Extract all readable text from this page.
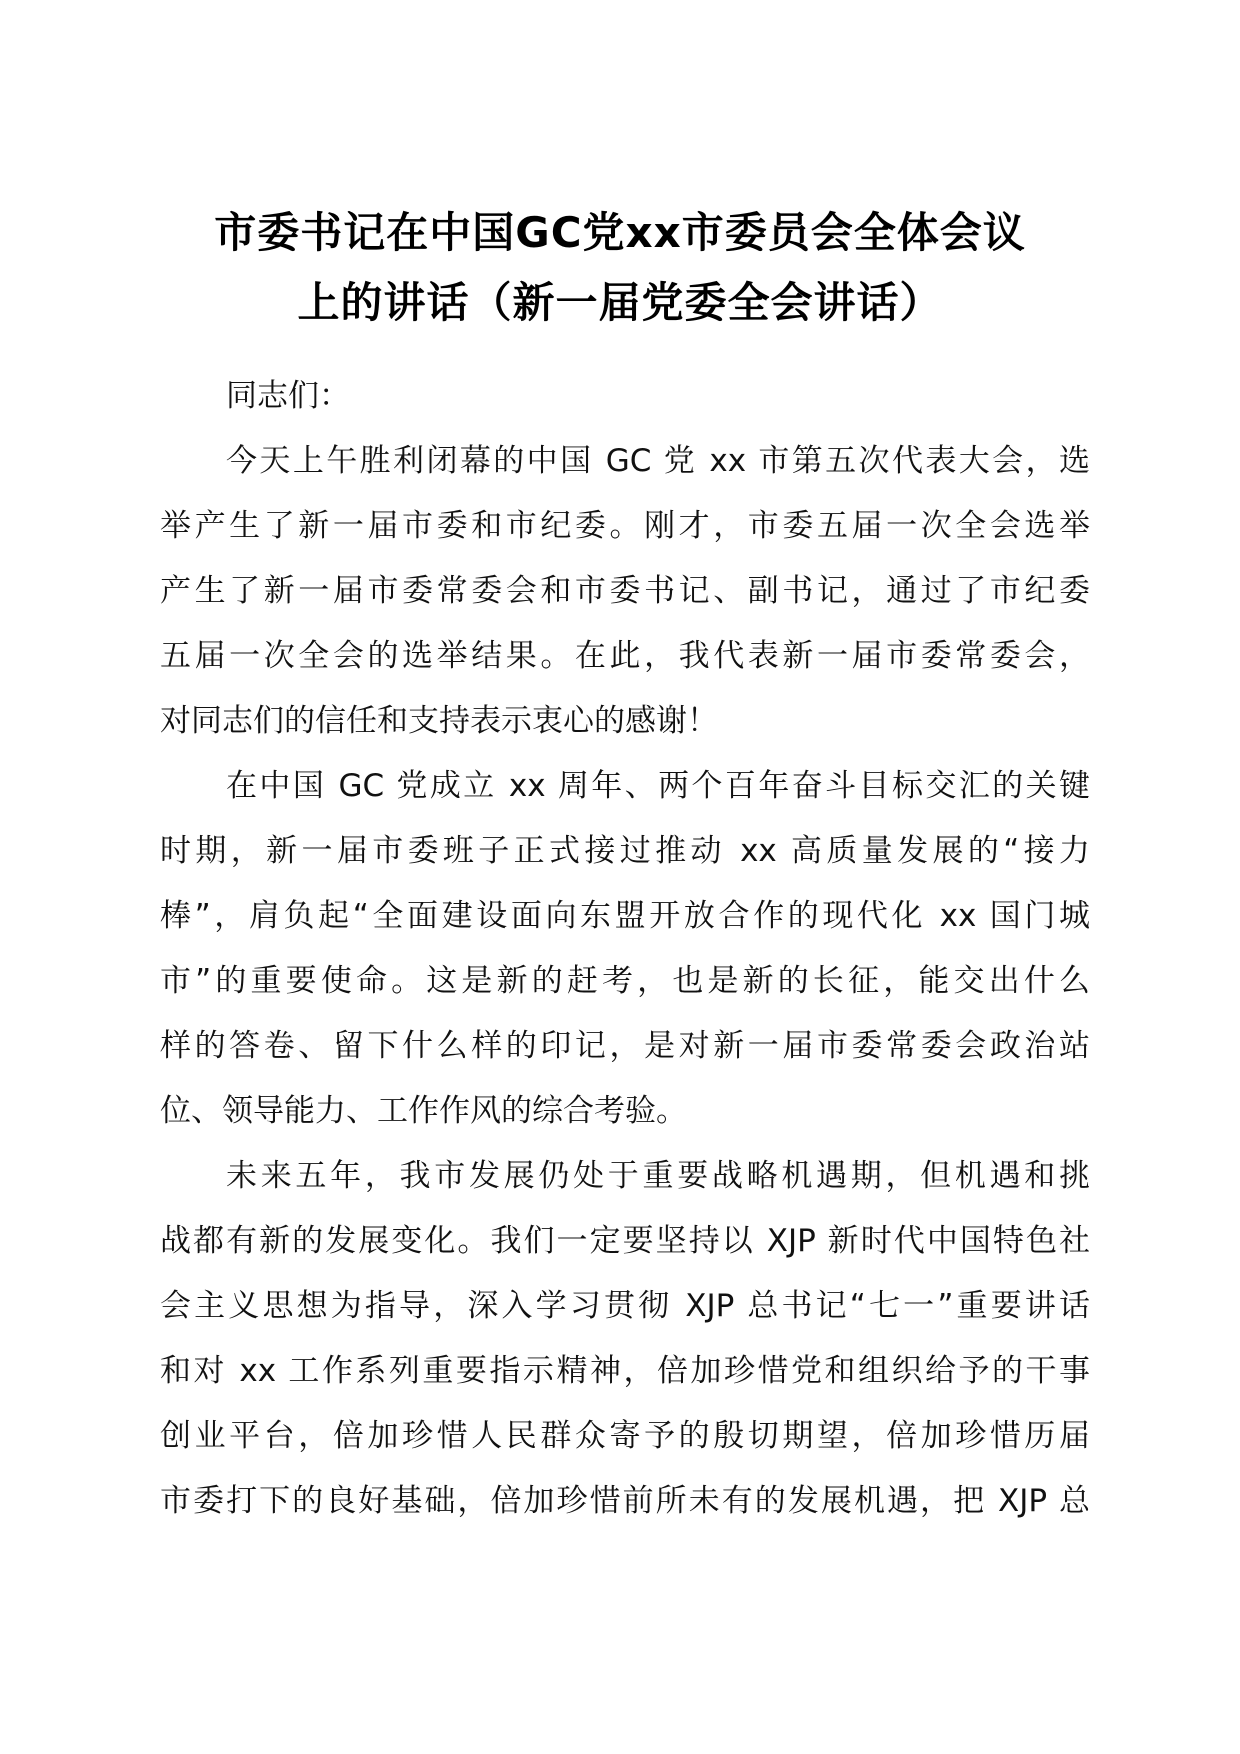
市委书记在中国GC党xx市委员会全体会议
上的讲话（新一届党委全会讲话）
同志们：
今天上午胜利闭幕的中国 GC 党 xx 市第五次代表大会，选
举产生了新一届市委和市纪委。刚才，市委五届一次全会选举
产生了新一届市委常委会和市委书记、副书记，通过了市纪委
五届一次全会的选举结果。在此，我代表新一届市委常委会，
对同志们的信任和支持表示衷心的感谢！
在中国 GC 党成立 xx 周年、两个百年奋斗目标交汇的关键
时期，新一届市委班子正式接过推动 xx 高质量发展的“接力
棒”，肩负起“全面建设面向东盟开放合作的现代化 xx 国门城
市”的重要使命。这是新的赶考，也是新的长征，能交出什么
样的答卷、留下什么样的印记，是对新一届市委常委会政治站
位、领导能力、工作作风的综合考验。
未来五年，我市发展仍处于重要战略机遇期，但机遇和挑
战都有新的发展变化。我们一定要坚持以 XJP 新时代中国特色社
会主义思想为指导，深入学习贯彻 XJP 总书记“七一”重要讲话
和对 xx 工作系列重要指示精神，倍加珍惜党和组织给予的干事
创业平台，倍加珍惜人民群众寄予的殷切期望，倍加珍惜历届
市委打下的良好基础，倍加珍惜前所未有的发展机遇，把 XJP 总
